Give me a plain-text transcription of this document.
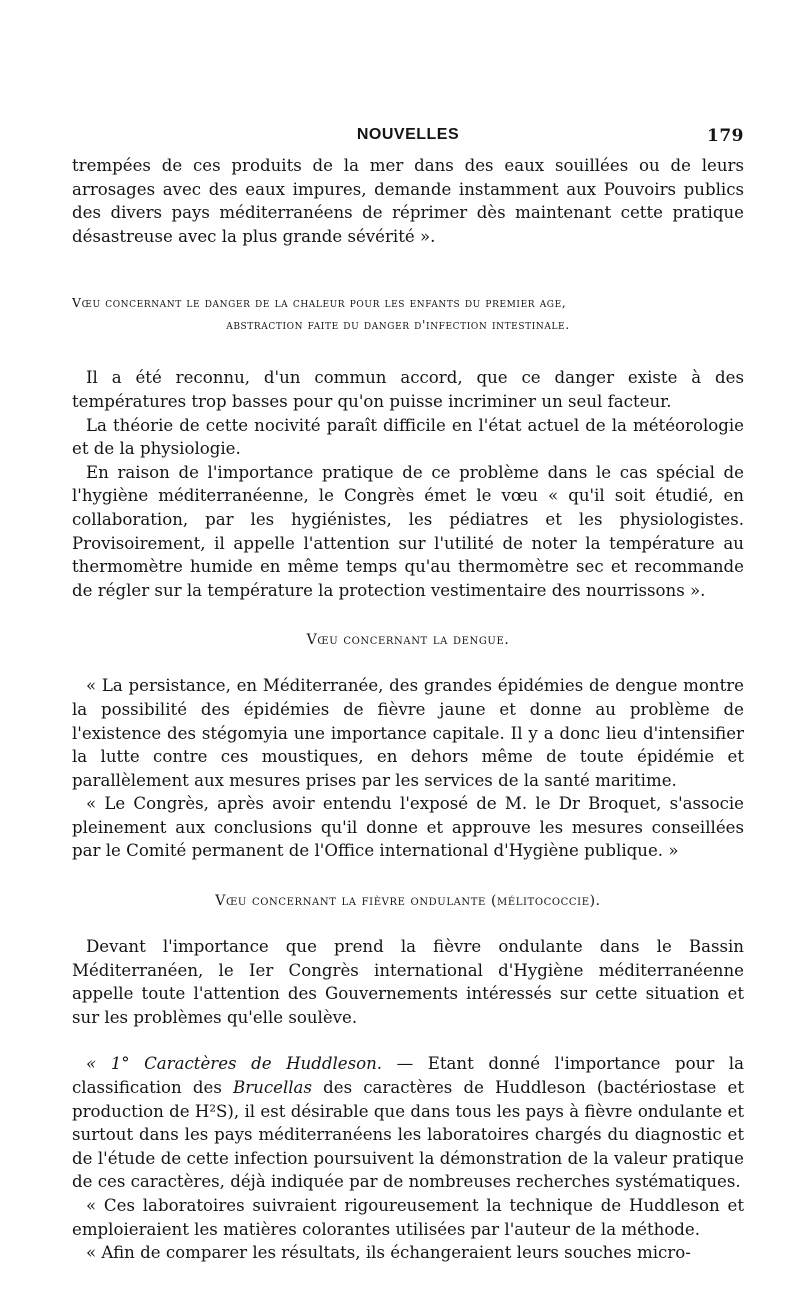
NOUVELLES	179

trempées de ces produits de la mer dans des eaux souillées ou de leurs arrosages avec des eaux impures, demande instamment aux Pouvoirs publics des divers pays méditerranéens de réprimer dès maintenant cette pratique désastreuse avec la plus grande sévérité ».

Vœu concernant le danger de la chaleur pour les enfants du premier age,
abstraction faite du danger d'infection intestinale.

Il a été reconnu, d'un commun accord, que ce danger existe à des températures trop basses pour qu'on puisse incriminer un seul facteur.

La théorie de cette nocivité paraît difficile en l'état actuel de la météorologie et de la physiologie.

En raison de l'importance pratique de ce problème dans le cas spécial de l'hygiène méditerranéenne, le Congrès émet le vœu « qu'il soit étudié, en collaboration, par les hygiénistes, les pédiatres et les physiologistes. Provisoirement, il appelle l'attention sur l'utilité de noter la température au thermomètre humide en même temps qu'au thermomètre sec et recommande de régler sur la température la protection vestimentaire des nourrissons ».

Vœu concernant la dengue.

« La persistance, en Méditerranée, des grandes épidémies de dengue montre la possibilité des épidémies de fièvre jaune et donne au problème de l'existence des stégomyia une importance capitale. Il y a donc lieu d'intensifier la lutte contre ces moustiques, en dehors même de toute épidémie et parallèlement aux mesures prises par les services de la santé maritime.

« Le Congrès, après avoir entendu l'exposé de M. le Dr Broquet, s'associe pleinement aux conclusions qu'il donne et approuve les mesures conseillées par le Comité permanent de l'Office international d'Hygiène publique. »

Vœu concernant la fièvre ondulante (mélitococcie).

Devant l'importance que prend la fièvre ondulante dans le Bassin Méditerranéen, le Ier Congrès international d'Hygiène méditerranéenne appelle toute l'attention des Gouvernements intéressés sur cette situation et sur les problèmes qu'elle soulève.

« 1° Caractères de Huddleson. — Etant donné l'importance pour la classification des Brucellas des caractères de Huddleson (bactériostase et production de H²S), il est désirable que dans tous les pays à fièvre ondulante et surtout dans les pays méditerranéens les laboratoires chargés du diagnostic et de l'étude de cette infection poursuivent la démonstration de la valeur pratique de ces caractères, déjà indiquée par de nombreuses recherches systématiques.

« Ces laboratoires suivraient rigoureusement la technique de Huddleson et emploieraient les matières colorantes utilisées par l'auteur de la méthode.

« Afin de comparer les résultats, ils échangeraient leurs souches micro-
